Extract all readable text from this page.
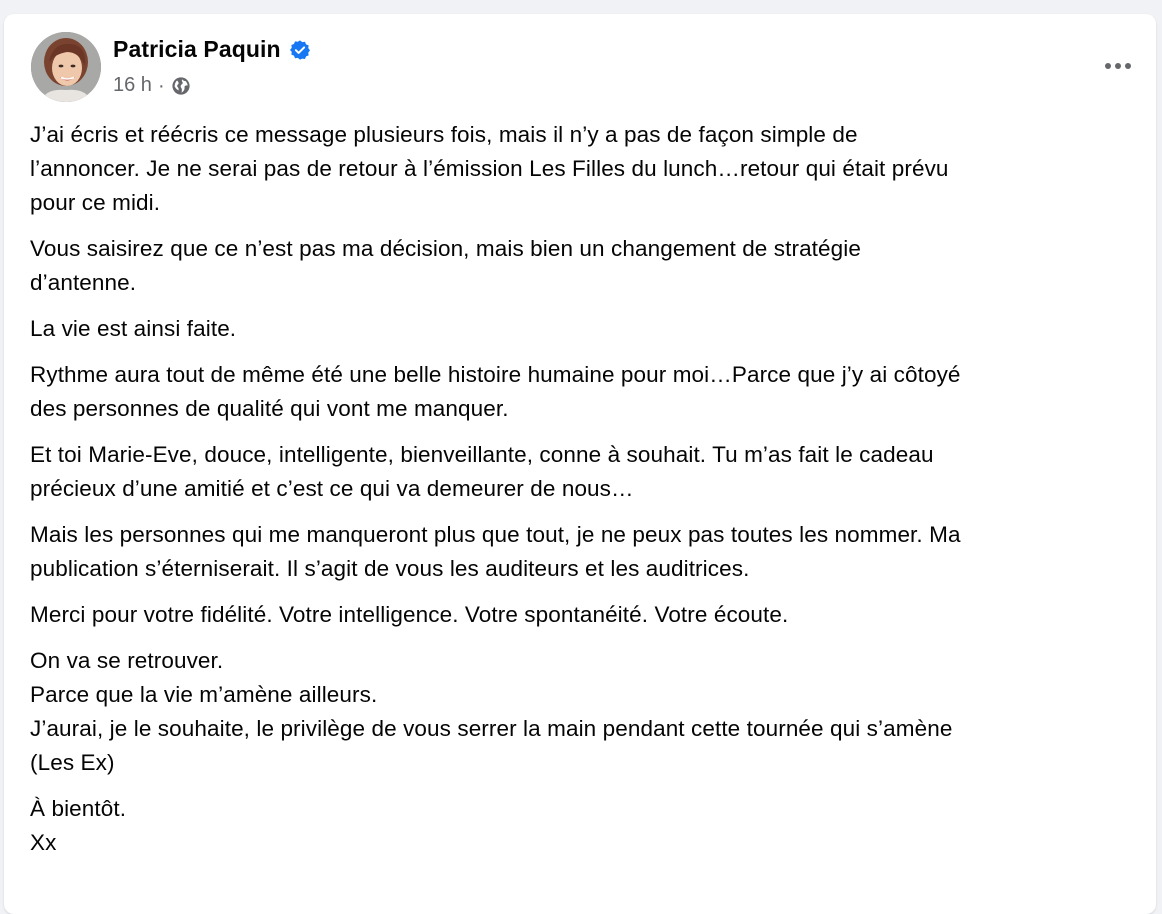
Patricia Paquin
16 h ·

J’ai écris et réécris ce message plusieurs fois, mais il n’y a pas de façon simple de
l’annoncer. Je ne serai pas de retour à l’émission Les Filles du lunch…retour qui était prévu
pour ce midi.

Vous saisirez que ce n’est pas ma décision, mais bien un changement de stratégie
d’antenne.

La vie est ainsi faite.

Rythme aura tout de même été une belle histoire humaine pour moi…Parce que j’y ai côtoyé
des personnes de qualité qui vont me manquer.

Et toi Marie-Eve, douce, intelligente, bienveillante, conne à souhait. Tu m’as fait le cadeau
précieux d’une amitié et c’est ce qui va demeurer de nous…

Mais les personnes qui me manqueront plus que tout, je ne peux pas toutes les nommer. Ma
publication s’éterniserait. Il s’agit de vous les auditeurs et les auditrices.

Merci pour votre fidélité. Votre intelligence. Votre spontanéité. Votre écoute.

On va se retrouver.
Parce que la vie m’amène ailleurs.
J’aurai, je le souhaite, le privilège de vous serrer la main pendant cette tournée qui s’amène
(Les Ex)

À bientôt.
Xx
